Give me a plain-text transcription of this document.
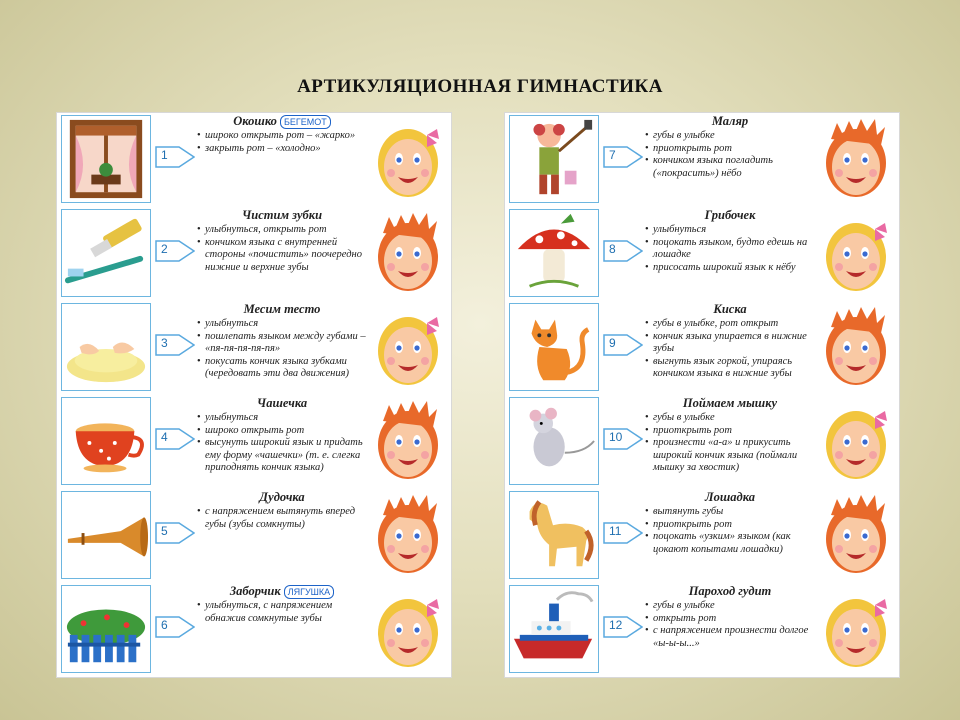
АРТИКУЛЯЦИОННАЯ ГИМНАСТИКА
1
Окошко БЕГЕМОТ
• широко открыть рот – «жарко»
• закрыть рот – «холодно»
2
Чистим зубки
• улыбнуться, открыть рот
• кончиком языка с внутренней стороны «почистить» поочередно нижние и верхние зубы
3
Месим тесто
• улыбнуться
• пошлепать языком между губами – «пя-пя-пя-пя-пя»
• покусать кончик языка зубками (чередовать эти два движения)
4
Чашечка
• улыбнуться
• широко открыть рот
• высунуть широкий язык и придать ему форму «чашечки» (т. е. слегка приподнять кончик языка)
5
Дудочка
• с напряжением вытянуть вперед губы (зубы сомкнуты)
6
Заборчик ЛЯГУШКА
• улыбнуться, с напряжением обнажив сомкнутые зубы
7
Маляр
• губы в улыбке
• приоткрыть рот
• кончиком языка погладить («покрасить») нёбо
8
Грибочек
• улыбнуться
• поцокать языком, будто едешь на лошадке
• присосать широкий язык к нёбу
9
Киска
• губы в улыбке, рот открыт
• кончик языка упирается в нижние зубы
• выгнуть язык горкой, упираясь кончиком языка в нижние зубы
10
Поймаем мышку
• губы в улыбке
• приоткрыть рот
• произнести «а-а» и прикусить широкий кончик языка (поймали мышку за хвостик)
11
Лошадка
• вытянуть губы
• приоткрыть рот
• поцокать «узким» языком (как цокают копытами лошадки)
12
Пароход гудит
• губы в улыбке
• открыть рот
• с напряжением произнести долгое «ы-ы-ы...»
